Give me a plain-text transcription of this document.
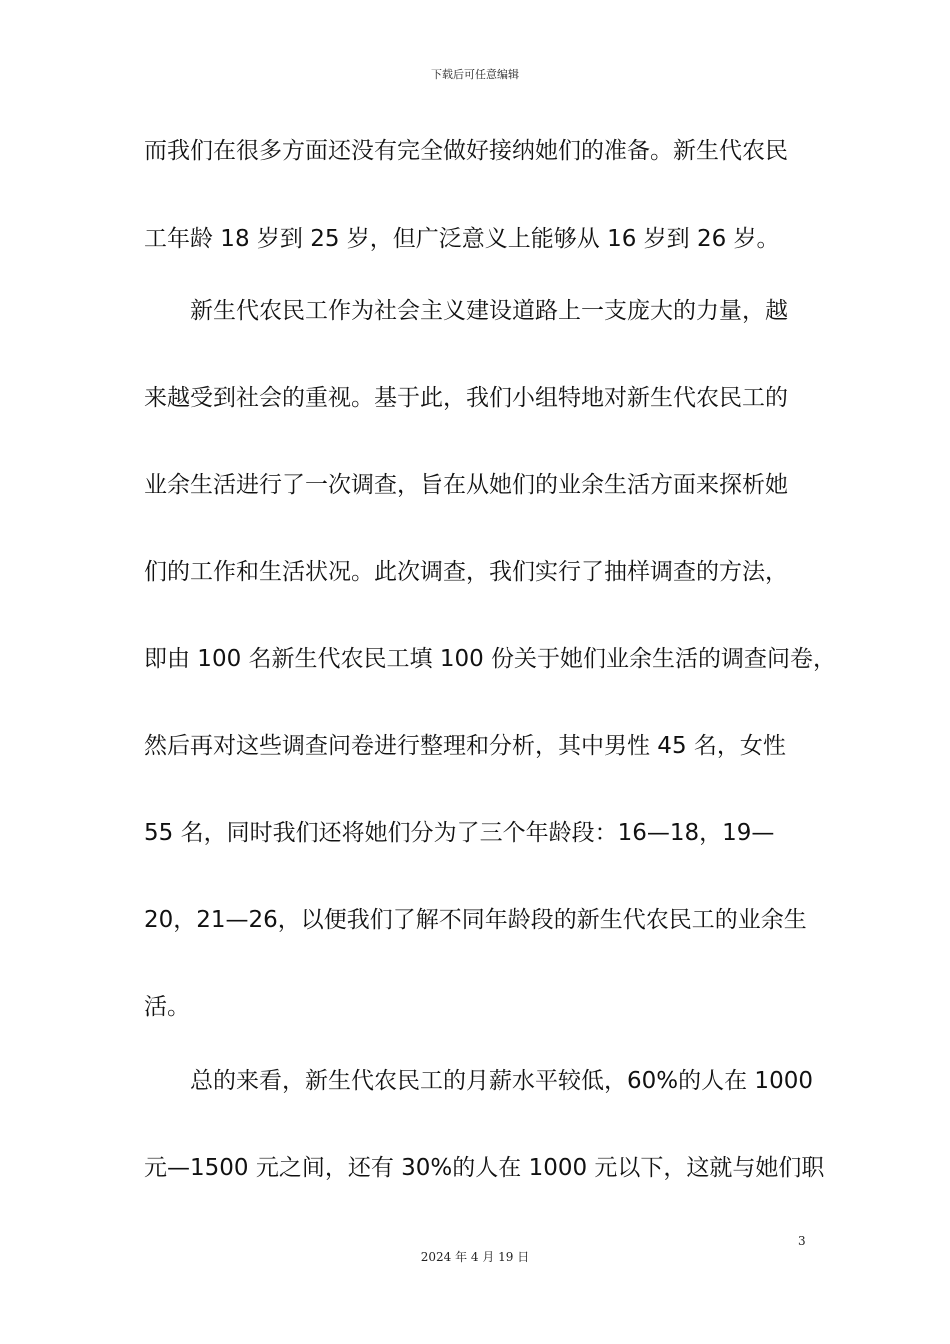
下载后可任意编辑
而我们在很多方面还没有完全做好接纳她们的准备。新生代农民
工年龄 18 岁到 25 岁，但广泛意义上能够从 16 岁到 26 岁。
新生代农民工作为社会主义建设道路上一支庞大的力量，越
来越受到社会的重视。基于此，我们小组特地对新生代农民工的
业余生活进行了一次调查，旨在从她们的业余生活方面来探析她
们的工作和生活状况。此次调查，我们实行了抽样调查的方法，
即由 100 名新生代农民工填 100 份关于她们业余生活的调查问卷，
然后再对这些调查问卷进行整理和分析，其中男性 45 名，女性
55 名，同时我们还将她们分为了三个年龄段：16—18，19—
20，21—26，以便我们了解不同年龄段的新生代农民工的业余生
活。
总的来看，新生代农民工的月薪水平较低，60%的人在 1000
元—1500 元之间，还有 30%的人在 1000 元以下，这就与她们职
3
2024 年 4 月 19 日
